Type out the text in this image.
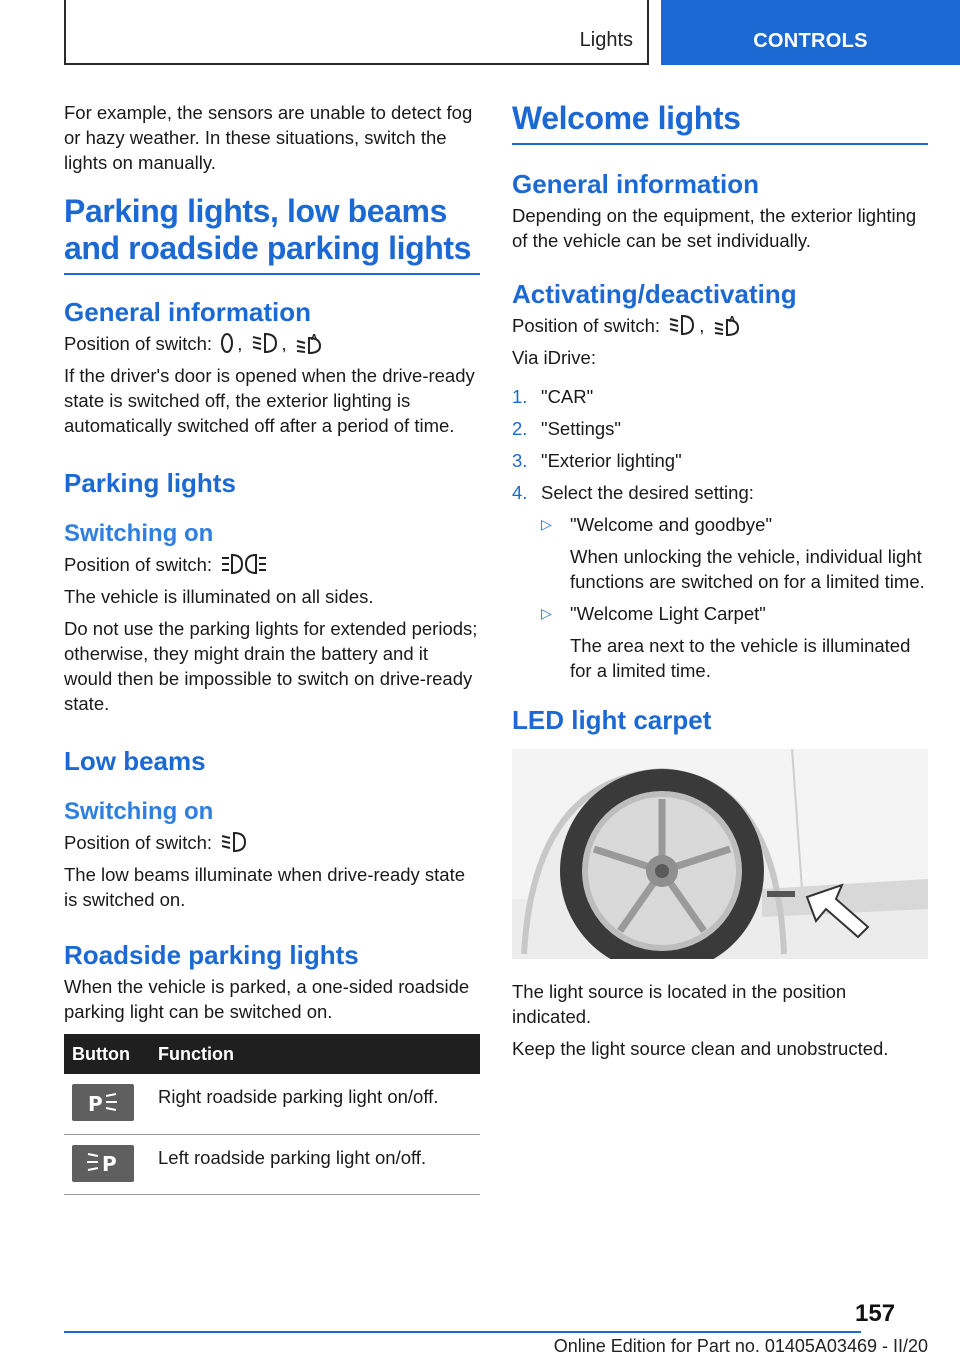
Lights	CONTROLS

For example, the sensors are unable to detect fog or hazy weather. In these situations, switch the lights on manually.

Parking lights, low beams and roadside parking lights
General information

Position of switch: ,
, A

If the driver's door is opened when the drive-ready state is switched off, the exterior lighting is automatically switched off after a period of time.

Parking lights
Switching on

Position of switch:

The vehicle is illuminated on all sides.

Do not use the parking lights for extended periods; otherwise, they might drain the battery and it would then be impossible to switch on drive-ready state.

Low beams
Switching on

Position of switch:

The low beams illuminate when drive-ready state is switched on.

Roadside parking lights

When the vehicle is parked, a one-sided roadside parking light can be switched on.

Button	Function

P	Right roadside parking light on/off.

P	Left roadside parking light on/off.
Welcome lights
General information

Depending on the equipment, the exterior lighting of the vehicle can be set individually.

Activating/deactivating

Position of switch: , A

Via iDrive:

1. "CAR"
2. "Settings"
3. "Exterior lighting"
4. Select the desired setting:
▷ "Welcome and goodbye"
When unlocking the vehicle, individual light functions are switched on for a limited time.
▷ "Welcome Light Carpet"
The area next to the vehicle is illuminated for a limited time.
LED light carpet

The light source is located in the position indicated.

Keep the light source clean and unobstructed.

157
Online Edition for Part no. 01405A03469 - II/20
